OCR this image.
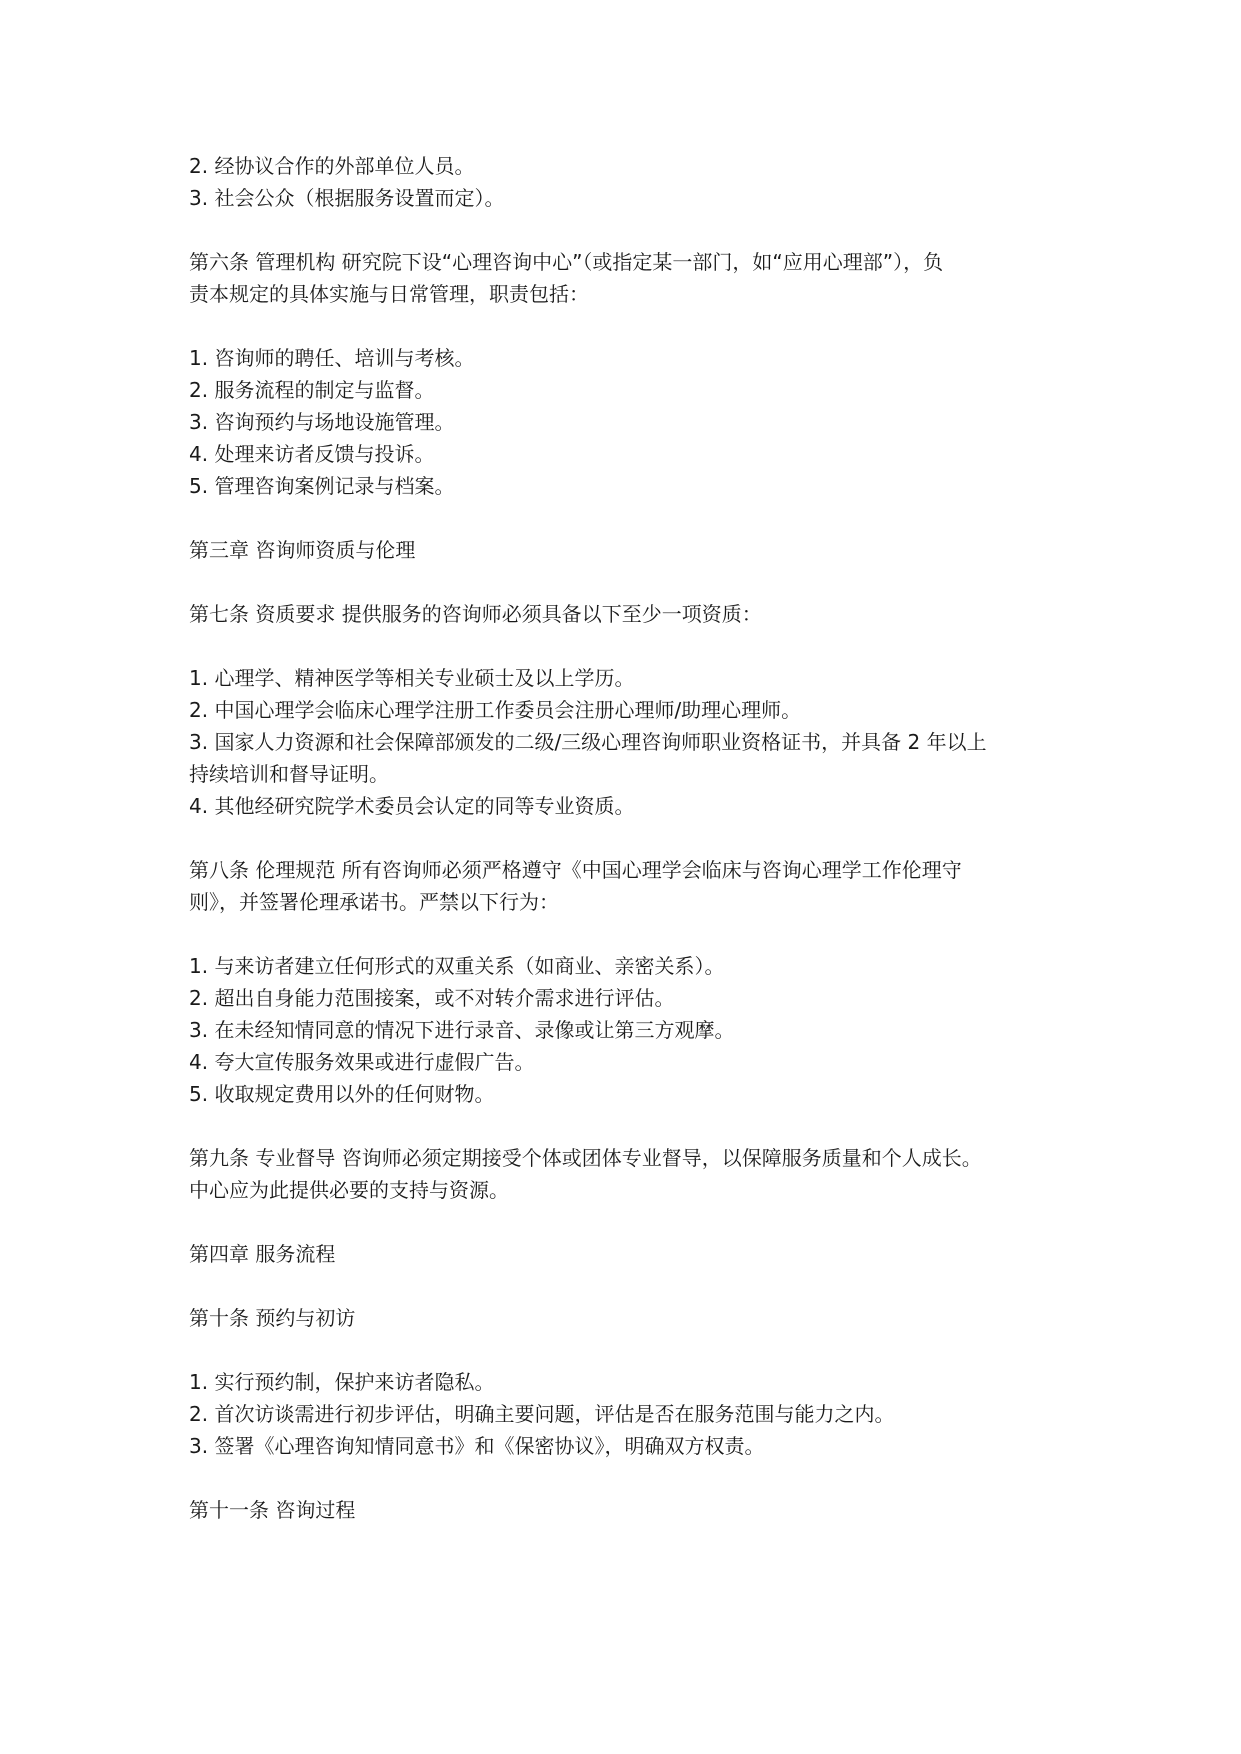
2. 经协议合作的外部单位人员。
3. 社会公众（根据服务设置而定）。
第六条 管理机构 研究院下设“心理咨询中心”（或指定某一部门，如“应用心理部”），负
责本规定的具体实施与日常管理，职责包括：
1. 咨询师的聘任、培训与考核。
2. 服务流程的制定与监督。
3. 咨询预约与场地设施管理。
4. 处理来访者反馈与投诉。
5. 管理咨询案例记录与档案。
第三章 咨询师资质与伦理
第七条 资质要求 提供服务的咨询师必须具备以下至少一项资质：
1. 心理学、精神医学等相关专业硕士及以上学历。
2. 中国心理学会临床心理学注册工作委员会注册心理师/助理心理师。
3. 国家人力资源和社会保障部颁发的二级/三级心理咨询师职业资格证书，并具备 2 年以上
持续培训和督导证明。
4. 其他经研究院学术委员会认定的同等专业资质。
第八条 伦理规范 所有咨询师必须严格遵守《中国心理学会临床与咨询心理学工作伦理守
则》，并签署伦理承诺书。严禁以下行为：
1. 与来访者建立任何形式的双重关系（如商业、亲密关系）。
2. 超出自身能力范围接案，或不对转介需求进行评估。
3. 在未经知情同意的情况下进行录音、录像或让第三方观摩。
4. 夸大宣传服务效果或进行虚假广告。
5. 收取规定费用以外的任何财物。
第九条 专业督导 咨询师必须定期接受个体或团体专业督导，以保障服务质量和个人成长。
中心应为此提供必要的支持与资源。
第四章 服务流程
第十条 预约与初访
1. 实行预约制，保护来访者隐私。
2. 首次访谈需进行初步评估，明确主要问题，评估是否在服务范围与能力之内。
3. 签署《心理咨询知情同意书》和《保密协议》，明确双方权责。
第十一条 咨询过程
